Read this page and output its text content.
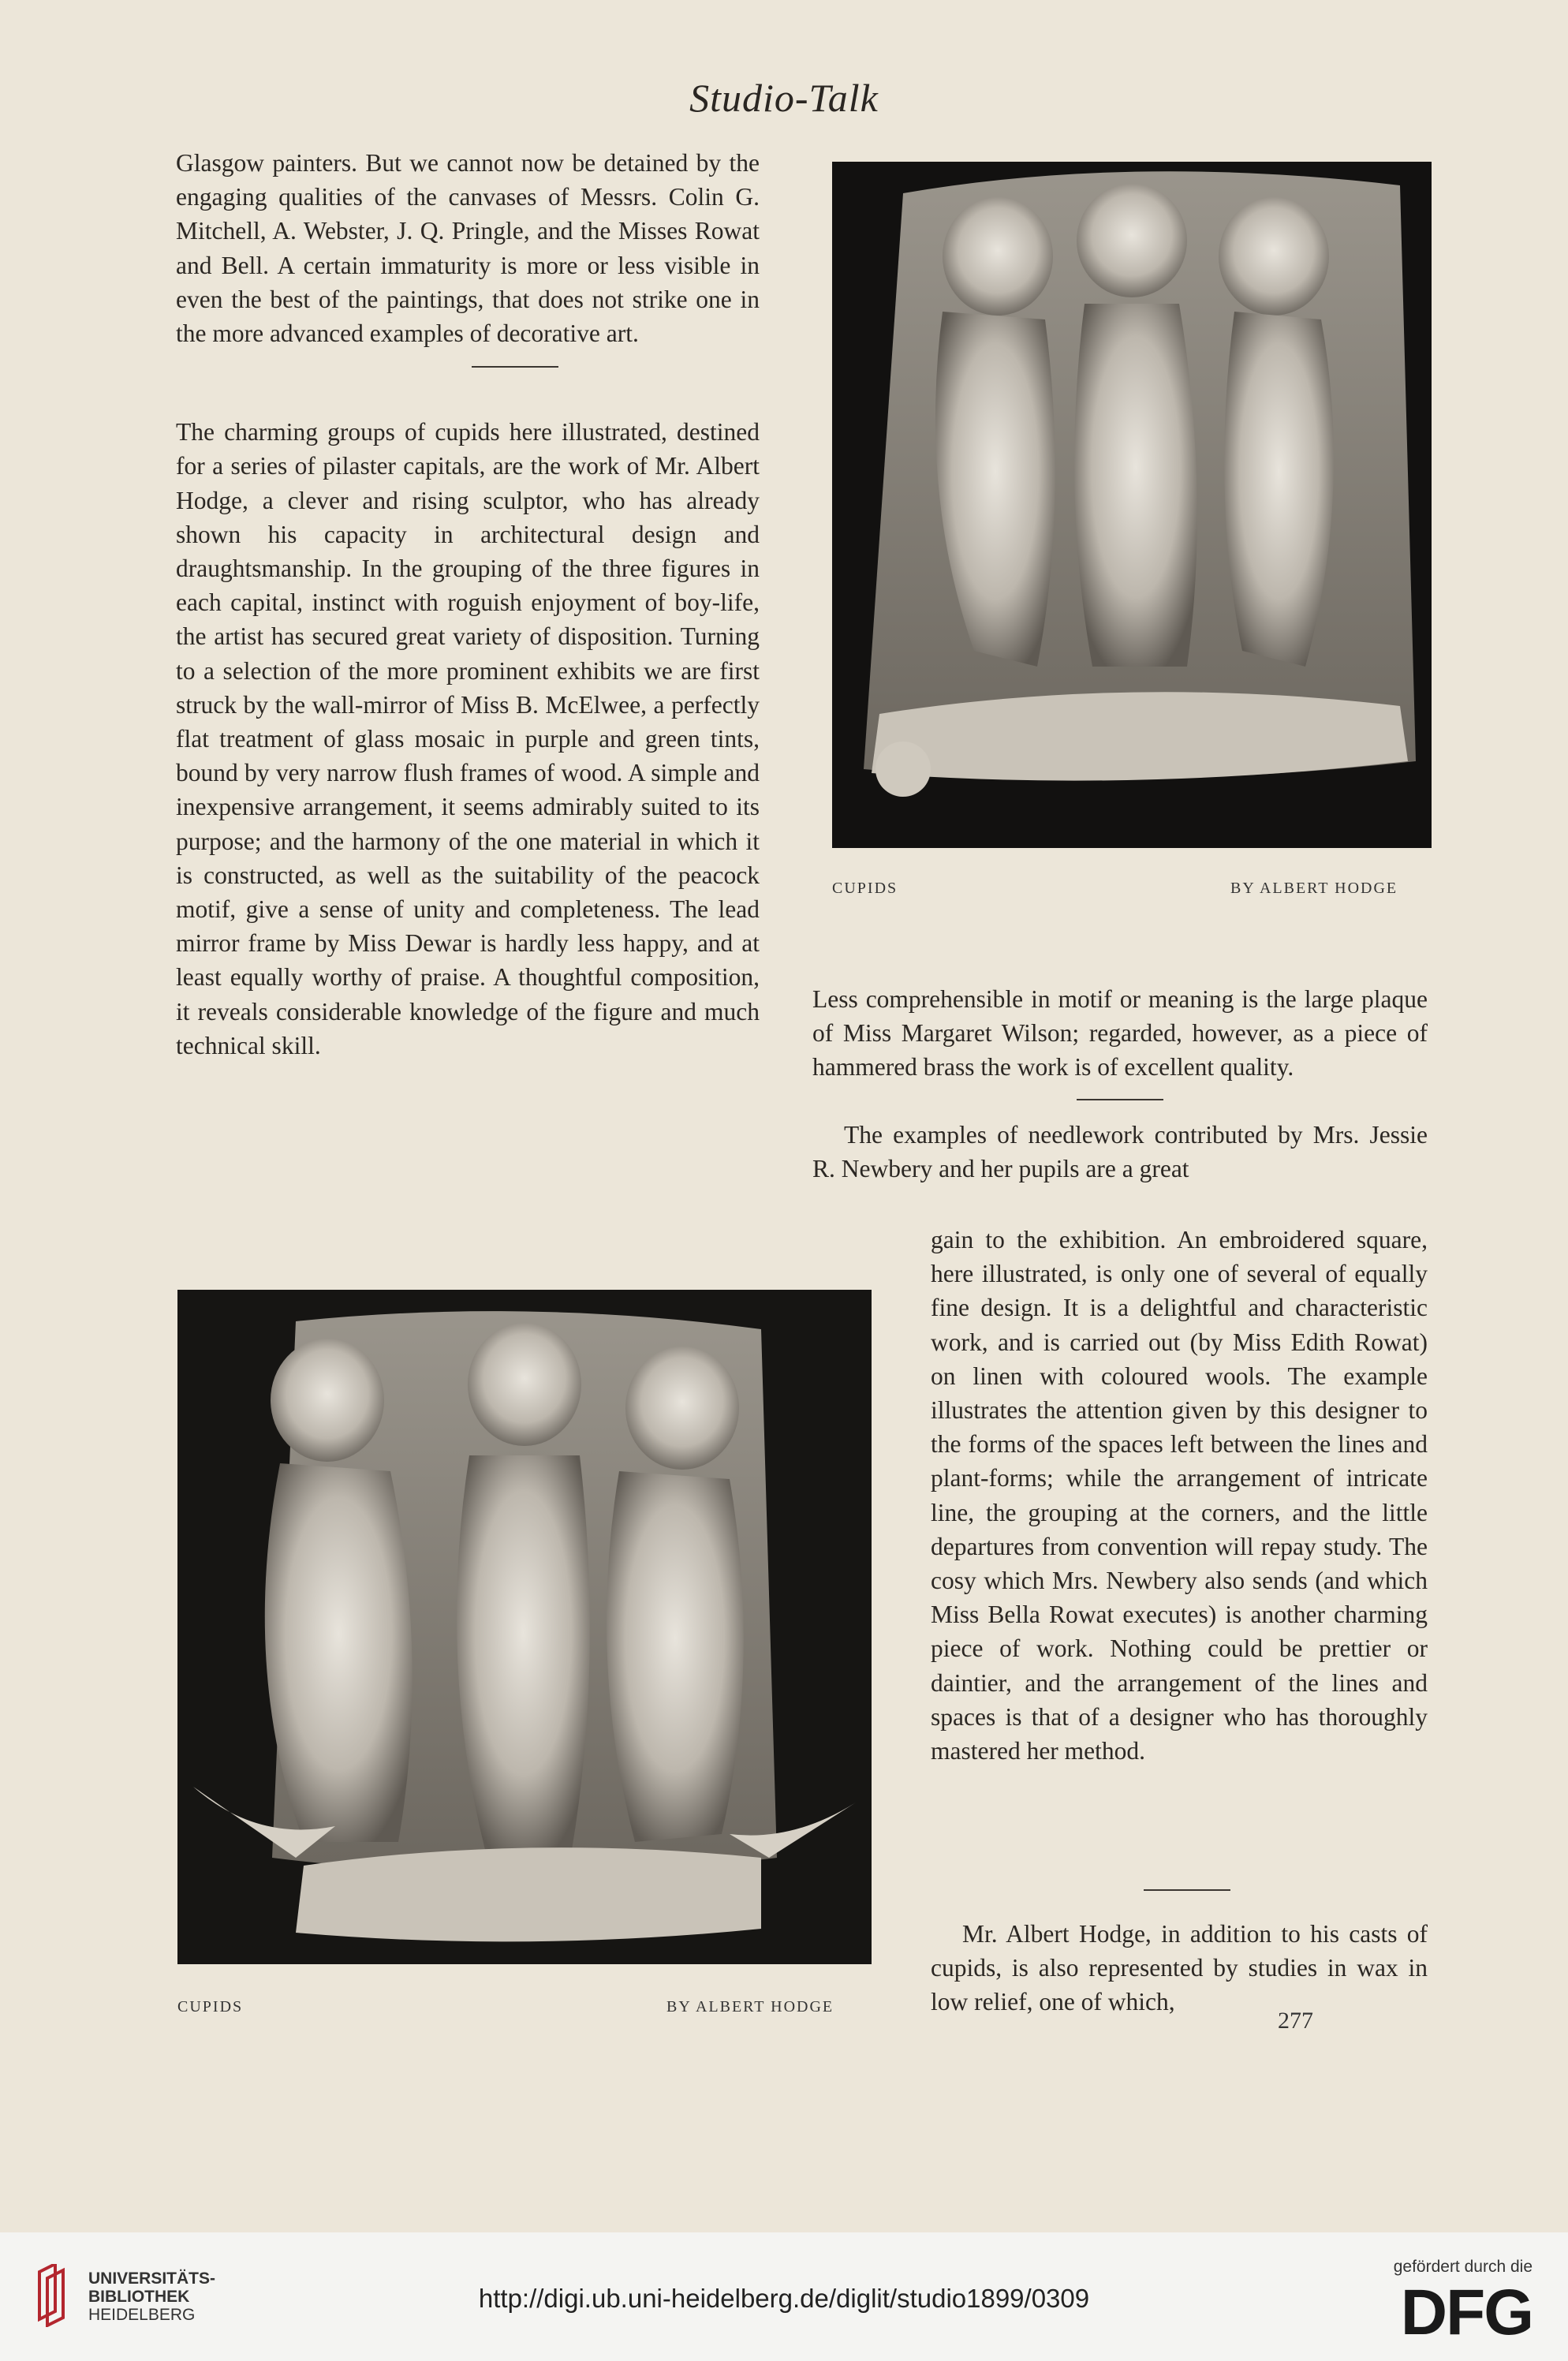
Studio-Talk

Glasgow painters. But we cannot now be detained by the engaging qualities of the canvases of Messrs. Colin G. Mitchell, A. Webster, J. Q. Pringle, and the Misses Rowat and Bell. A certain immaturity is more or less visible in even the best of the paintings, that does not strike one in the more advanced examples of decorative art.

The charming groups of cupids here illustrated, destined for a series of pilaster capitals, are the work of Mr. Albert Hodge, a clever and rising sculptor, who has already shown his capacity in architectural design and draughtsmanship. In the grouping of the three figures in each capital, instinct with roguish enjoyment of boy-life, the artist has secured great variety of disposition. Turning to a selection of the more prominent exhibits we are first struck by the wall-mirror of Miss B. McElwee, a perfectly flat treatment of glass mosaic in purple and green tints, bound by very narrow flush frames of wood. A simple and inexpensive arrangement, it seems admirably suited to its purpose; and the harmony of the one material in which it is constructed, as well as the suitability of the peacock motif, give a sense of unity and completeness. The lead mirror frame by Miss Dewar is hardly less happy, and at least equally worthy of praise. A thoughtful composition, it reveals considerable knowledge of the figure and much technical skill.

CUPIDS	BY ALBERT HODGE

Less comprehensible in motif or meaning is the large plaque of Miss Margaret Wilson; regarded, however, as a piece of hammered brass the work is of excellent quality.

The examples of needlework contributed by Mrs. Jessie R. Newbery and her pupils are a great

gain to the exhibition. An embroidered square, here illustrated, is only one of several of equally fine design. It is a delightful and characteristic work, and is carried out (by Miss Edith Rowat) on linen with coloured wools. The example illustrates the attention given by this designer to the forms of the spaces left between the lines and plant-forms; while the arrangement of intricate line, the grouping at the corners, and the little departures from convention will repay study. The cosy which Mrs. Newbery also sends (and which Miss Bella Rowat executes) is another charming piece of work. Nothing could be prettier or daintier, and the arrangement of the lines and spaces is that of a designer who has thoroughly mastered her method.

Mr. Albert Hodge, in addition to his casts of cupids, is also represented by studies in wax in low relief, one of which,

CUPIDS	BY ALBERT HODGE
277
UNIVERSITÄTS-
BIBLIOTHEK
HEIDELBERG
http://digi.ub.uni-heidelberg.de/diglit/studio1899/0309
gefördert durch die
DFG
